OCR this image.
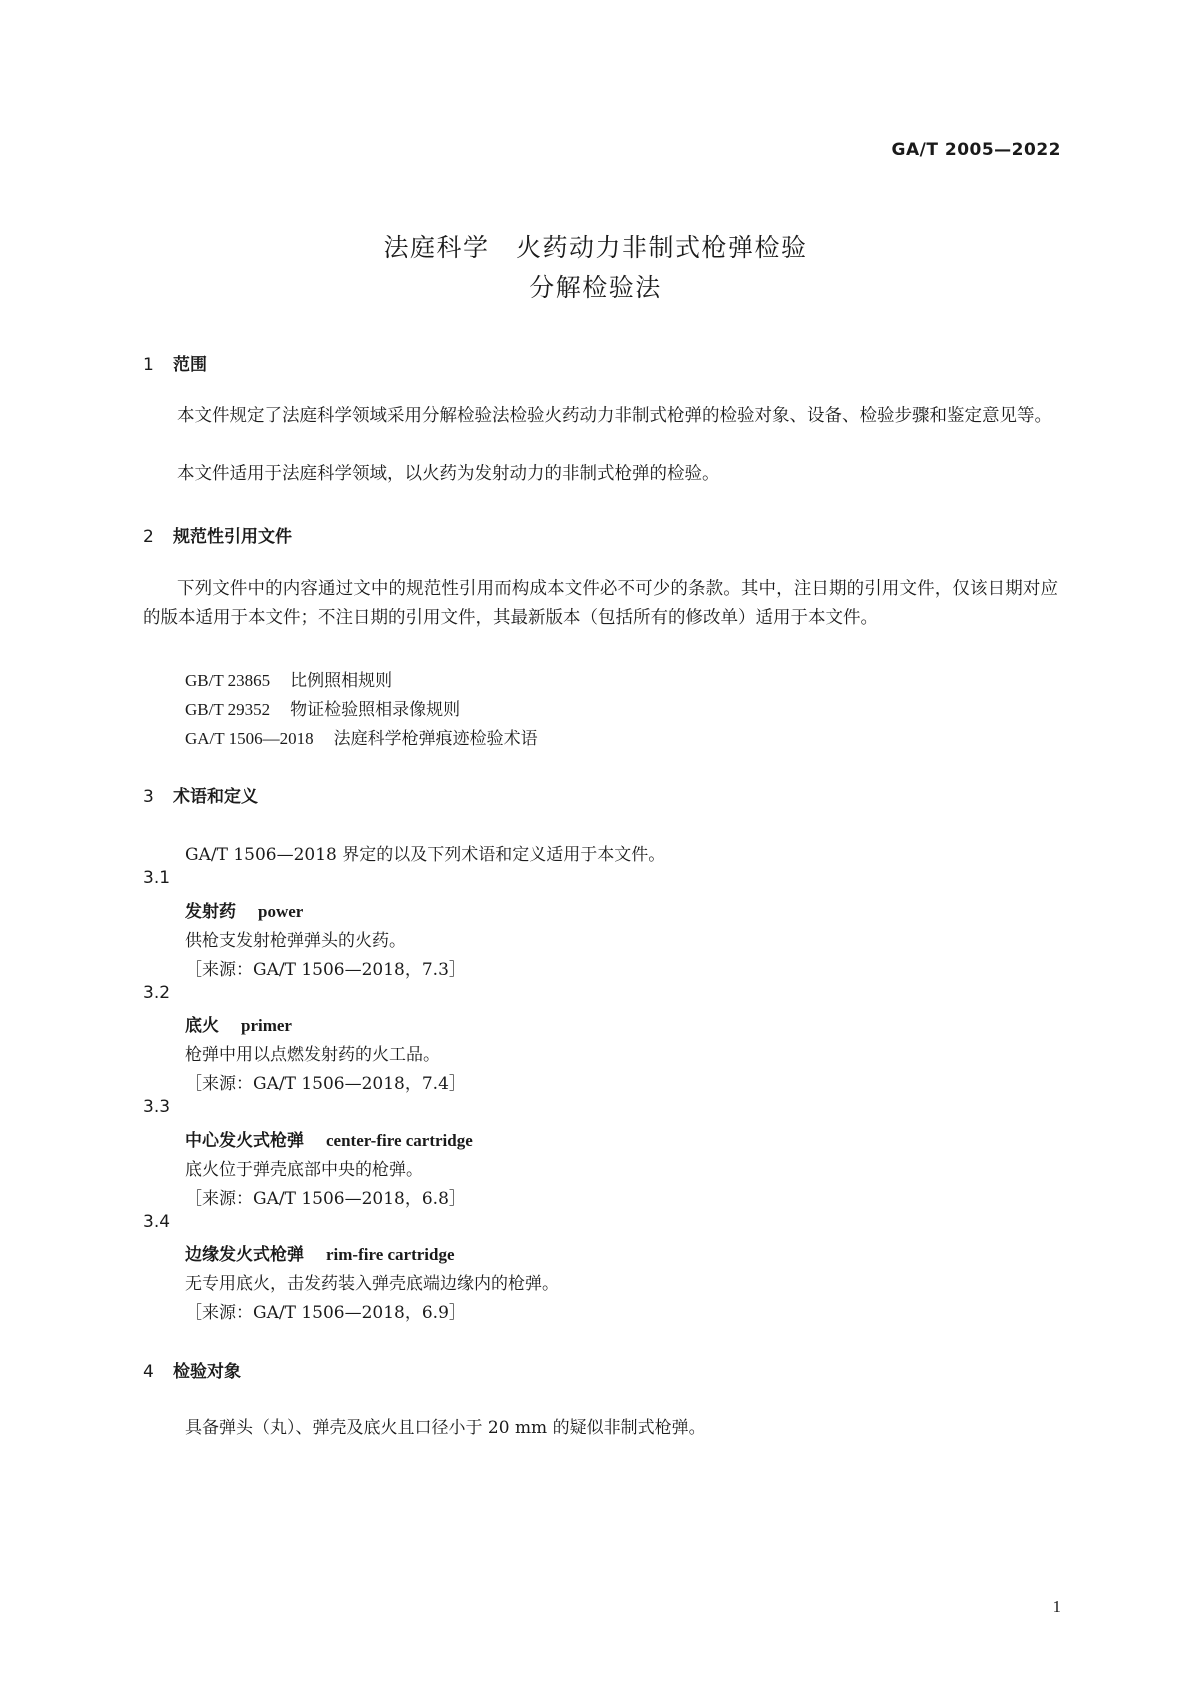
GA/T 2005—2022
法庭科学　火药动力非制式枪弹检验
分解检验法
1 范围
本文件规定了法庭科学领域采用分解检验法检验火药动力非制式枪弹的检验对象、设备、检验步骤和鉴定意见等。
本文件适用于法庭科学领域，以火药为发射动力的非制式枪弹的检验。
2 规范性引用文件
下列文件中的内容通过文中的规范性引用而构成本文件必不可少的条款。其中，注日期的引用文件，仅该日期对应的版本适用于本文件；不注日期的引用文件，其最新版本（包括所有的修改单）适用于本文件。
GB/T 23865 比例照相规则
GB/T 29352 物证检验照相录像规则
GA/T 1506—2018 法庭科学枪弹痕迹检验术语
3 术语和定义
GA/T 1506—2018 界定的以及下列术语和定义适用于本文件。
3.1
发射药 power
供枪支发射枪弹弹头的火药。
［来源：GA/T 1506—2018，7.3］
3.2
底火 primer
枪弹中用以点燃发射药的火工品。
［来源：GA/T 1506—2018，7.4］
3.3
中心发火式枪弹 center-fire cartridge
底火位于弹壳底部中央的枪弹。
［来源：GA/T 1506—2018，6.8］
3.4
边缘发火式枪弹 rim-fire cartridge
无专用底火，击发药装入弹壳底端边缘内的枪弹。
［来源：GA/T 1506—2018，6.9］
4 检验对象
具备弹头（丸）、弹壳及底火且口径小于 20 mm 的疑似非制式枪弹。
1
